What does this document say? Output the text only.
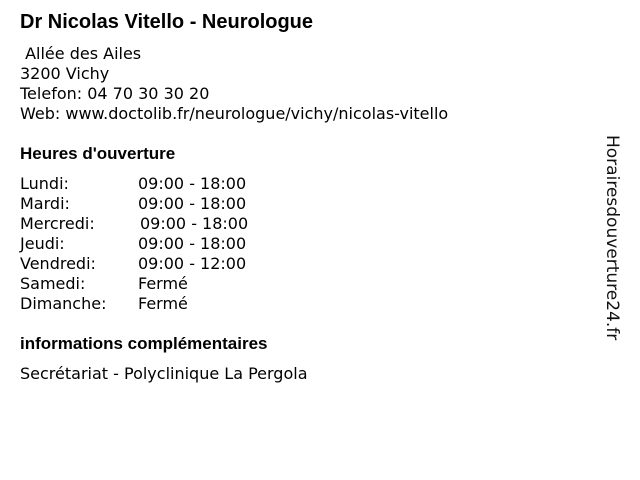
Dr Nicolas Vitello - Neurologue
Allée des Ailes
3200 Vichy
Telefon: 04 70 30 30 20
Web: www.doctolib.fr/neurologue/vichy/nicolas-vitello
Heures d'ouverture
Lundi:	09:00 - 18:00
Mardi:	09:00 - 18:00
Mercredi:	09:00 - 18:00
Jeudi:	09:00 - 18:00
Vendredi:	09:00 - 12:00
Samedi:	Fermé
Dimanche: Fermé
informations complémentaires
Secrétariat - Polyclinique La Pergola
Horairesdouverture24.fr
